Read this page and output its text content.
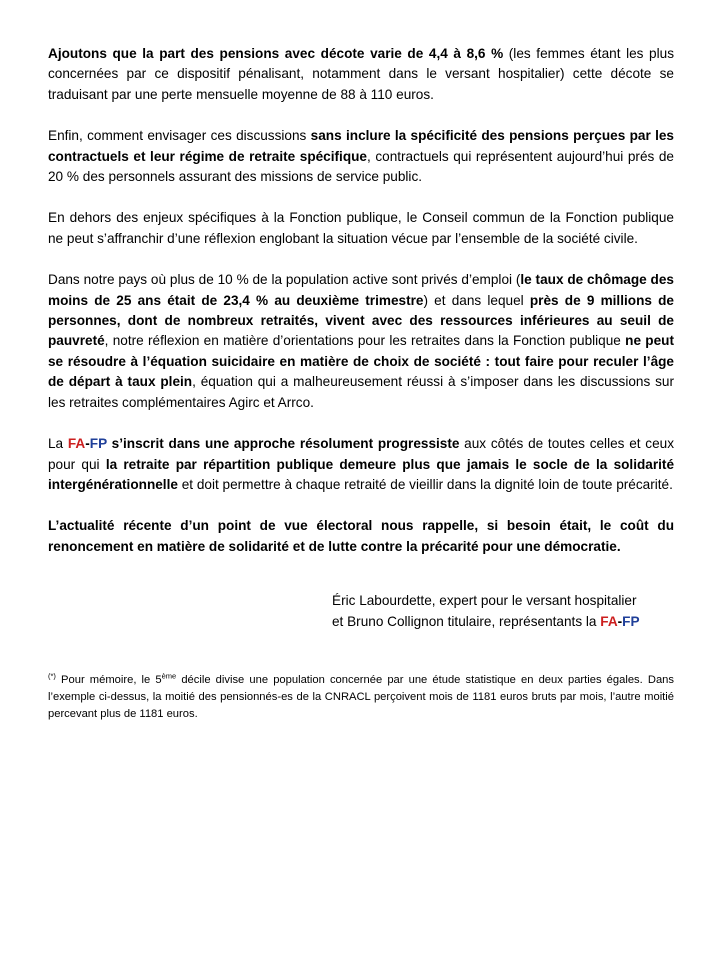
Ajoutons que la part des pensions avec décote varie de 4,4 à 8,6 % (les femmes étant les plus concernées par ce dispositif pénalisant, notamment dans le versant hospitalier) cette décote se traduisant par une perte mensuelle moyenne de 88 à 110 euros.

Enfin, comment envisager ces discussions sans inclure la spécificité des pensions perçues par les contractuels et leur régime de retraite spécifique, contractuels qui représentent aujourd’hui prés de 20 % des personnels assurant des missions de service public.

En dehors des enjeux spécifiques à la Fonction publique, le Conseil commun de la Fonction publique ne peut s’affranchir d’une réflexion englobant la situation vécue par l’ensemble de la société civile.

Dans notre pays où plus de 10 % de la population active sont privés d’emploi (le taux de chômage des moins de 25 ans était de 23,4 % au deuxième trimestre) et dans lequel près de 9 millions de personnes, dont de nombreux retraités, vivent avec des ressources inférieures au seuil de pauvreté, notre réflexion en matière d’orientations pour les retraites dans la Fonction publique ne peut se résoudre à l’équation suicidaire en matière de choix de société : tout faire pour reculer l’âge de départ à taux plein, équation qui a malheureusement réussi à s’imposer dans les discussions sur les retraites complémentaires Agirc et Arrco.

La FA-FP s’inscrit dans une approche résolument progressiste aux côtés de toutes celles et ceux pour qui la retraite par répartition publique demeure plus que jamais le socle de la solidarité intergénérationnelle et doit permettre à chaque retraité de vieillir dans la dignité loin de toute précarité.

L’actualité récente d’un point de vue électoral nous rappelle, si besoin était, le coût du renoncement en matière de solidarité et de lutte contre la précarité pour une démocratie.

Éric Labourdette, expert pour le versant hospitalier
et Bruno Collignon titulaire, représentants la FA-FP

(*) Pour mémoire, le 5ème décile divise une population concernée par une étude statistique en deux parties égales. Dans l’exemple ci-dessus, la moitié des pensionnés-es de la CNRACL perçoivent mois de 1181 euros bruts par mois, l’autre moitié percevant plus de 1181 euros.
